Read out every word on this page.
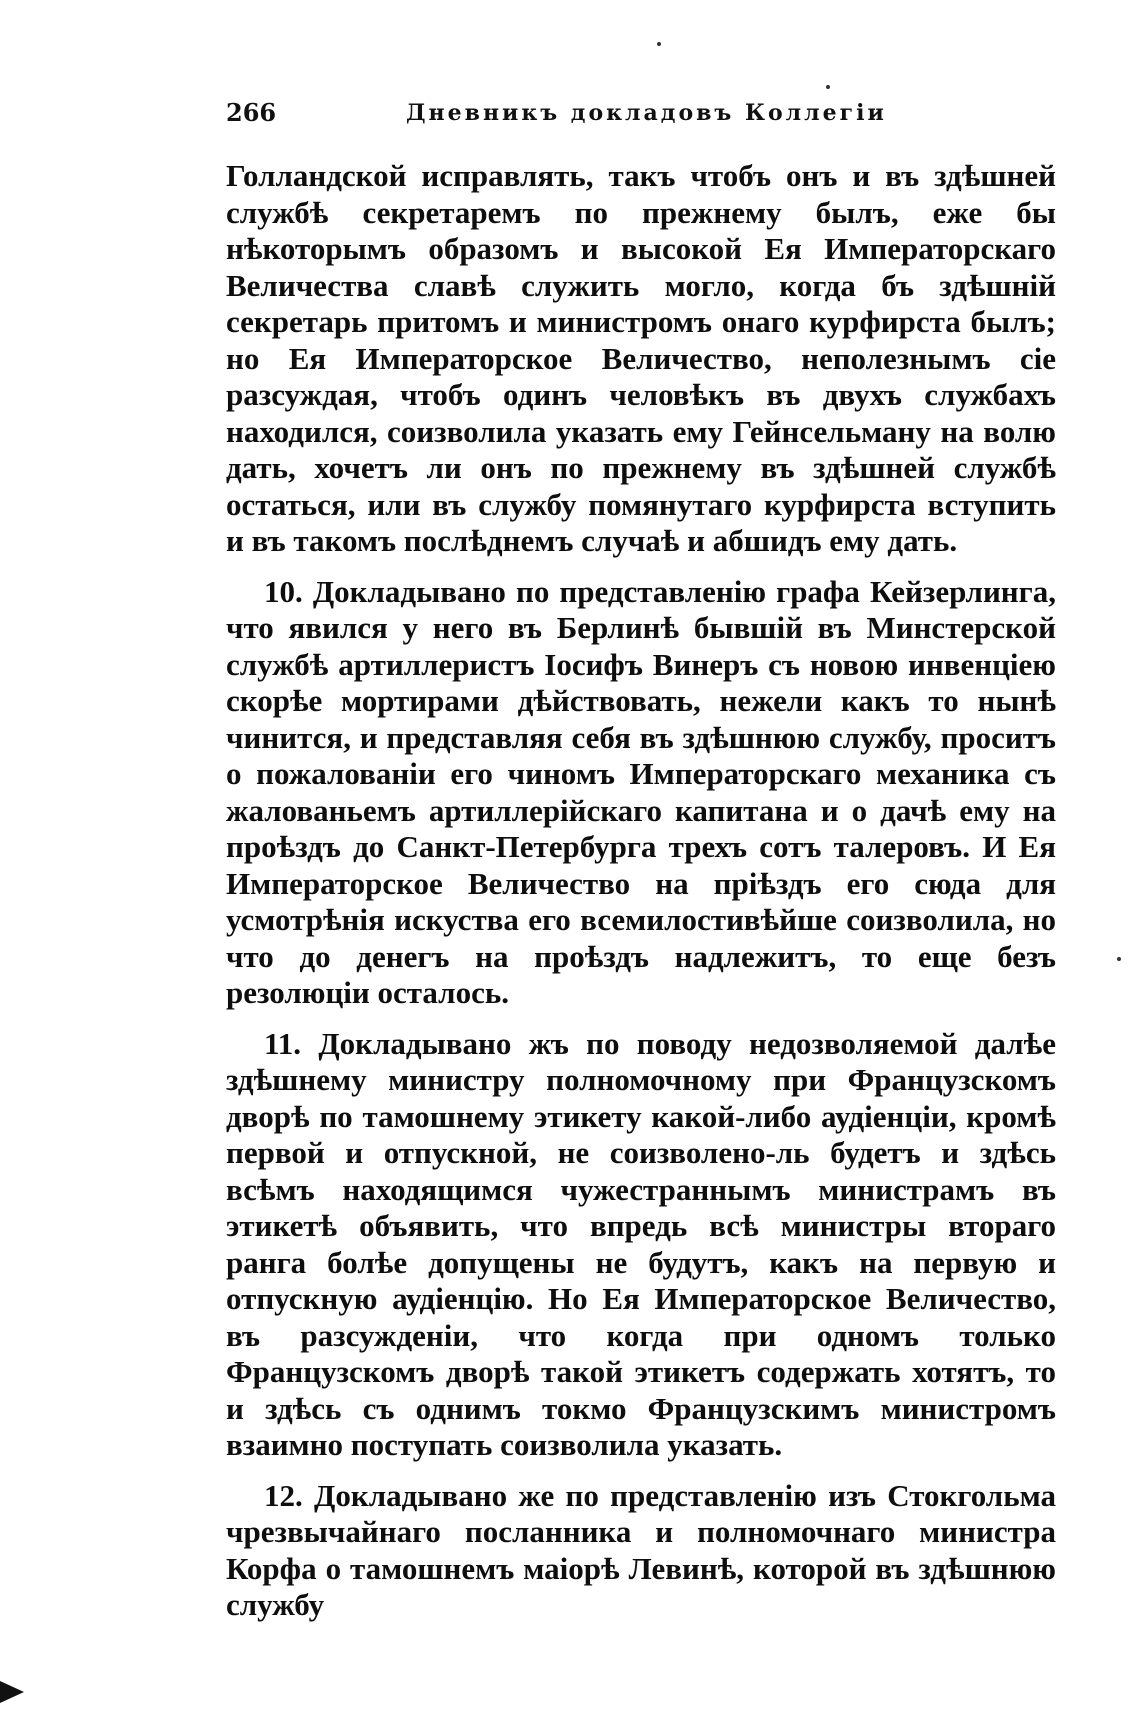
266	Дневникъ докладовъ Коллегіи

Голландской исправлять, такъ чтобъ онъ и въ здѣшней службѣ секретаремъ по прежнему былъ, еже бы нѣкоторымъ образомъ и высокой Ея Императорскаго Величества славѣ служить могло, когда бъ здѣшній секретарь притомъ и министромъ онаго курфирста былъ; но Ея Императорское Величество, неполезнымъ сіе разсуждая, чтобъ одинъ человѣкъ въ двухъ службахъ находился, соизволила указать ему Гейнсельману на волю дать, хочетъ ли онъ по прежнему въ здѣшней службѣ остаться, или въ службу помянутаго курфирста вступить и въ такомъ послѣднемъ случаѣ и абшидъ ему дать.

10. Докладывано по представленію графа Кейзерлинга, что явился у него въ Берлинѣ бывшій въ Минстерской службѣ артиллеристъ Іосифъ Винеръ съ новою инвенціею скорѣе мортирами дѣйствовать, нежели какъ то нынѣ чинится, и представляя себя въ здѣшнюю службу, проситъ о пожалованіи его чиномъ Императорскаго механика съ жалованьемъ артиллерійскаго капитана и о дачѣ ему на проѣздъ до Санкт-Петербурга трехъ сотъ талеровъ. И Ея Императорское Величество на пріѣздъ его сюда для усмотрѣнія искуства его всемилостивѣйше соизволила, но что до денегъ на проѣздъ надлежитъ, то еще безъ резолюціи осталось.

11. Докладывано жъ по поводу недозволяемой далѣе здѣшнему министру полномочному при Французскомъ дворѣ по тамошнему этикету какой-либо аудіенціи, кромѣ первой и отпускной, не соизволено-ль будетъ и здѣсь всѣмъ находящимся чужестраннымъ министрамъ въ этикетѣ объявить, что впредь всѣ министры втораго ранга болѣе допущены не будутъ, какъ на первую и отпускную аудіенцію. Но Ея Императорское Величество, въ разсужденіи, что когда при одномъ только Французскомъ дворѣ такой этикетъ содержать хотятъ, то и здѣсь съ однимъ токмо Французскимъ министромъ взаимно поступать соизволила указать.

12. Докладывано же по представленію изъ Стокгольма чрезвычайнаго посланника и полномочнаго министра Корфа о тамошнемъ маiорѣ Левинѣ, которой въ здѣшнюю службу
